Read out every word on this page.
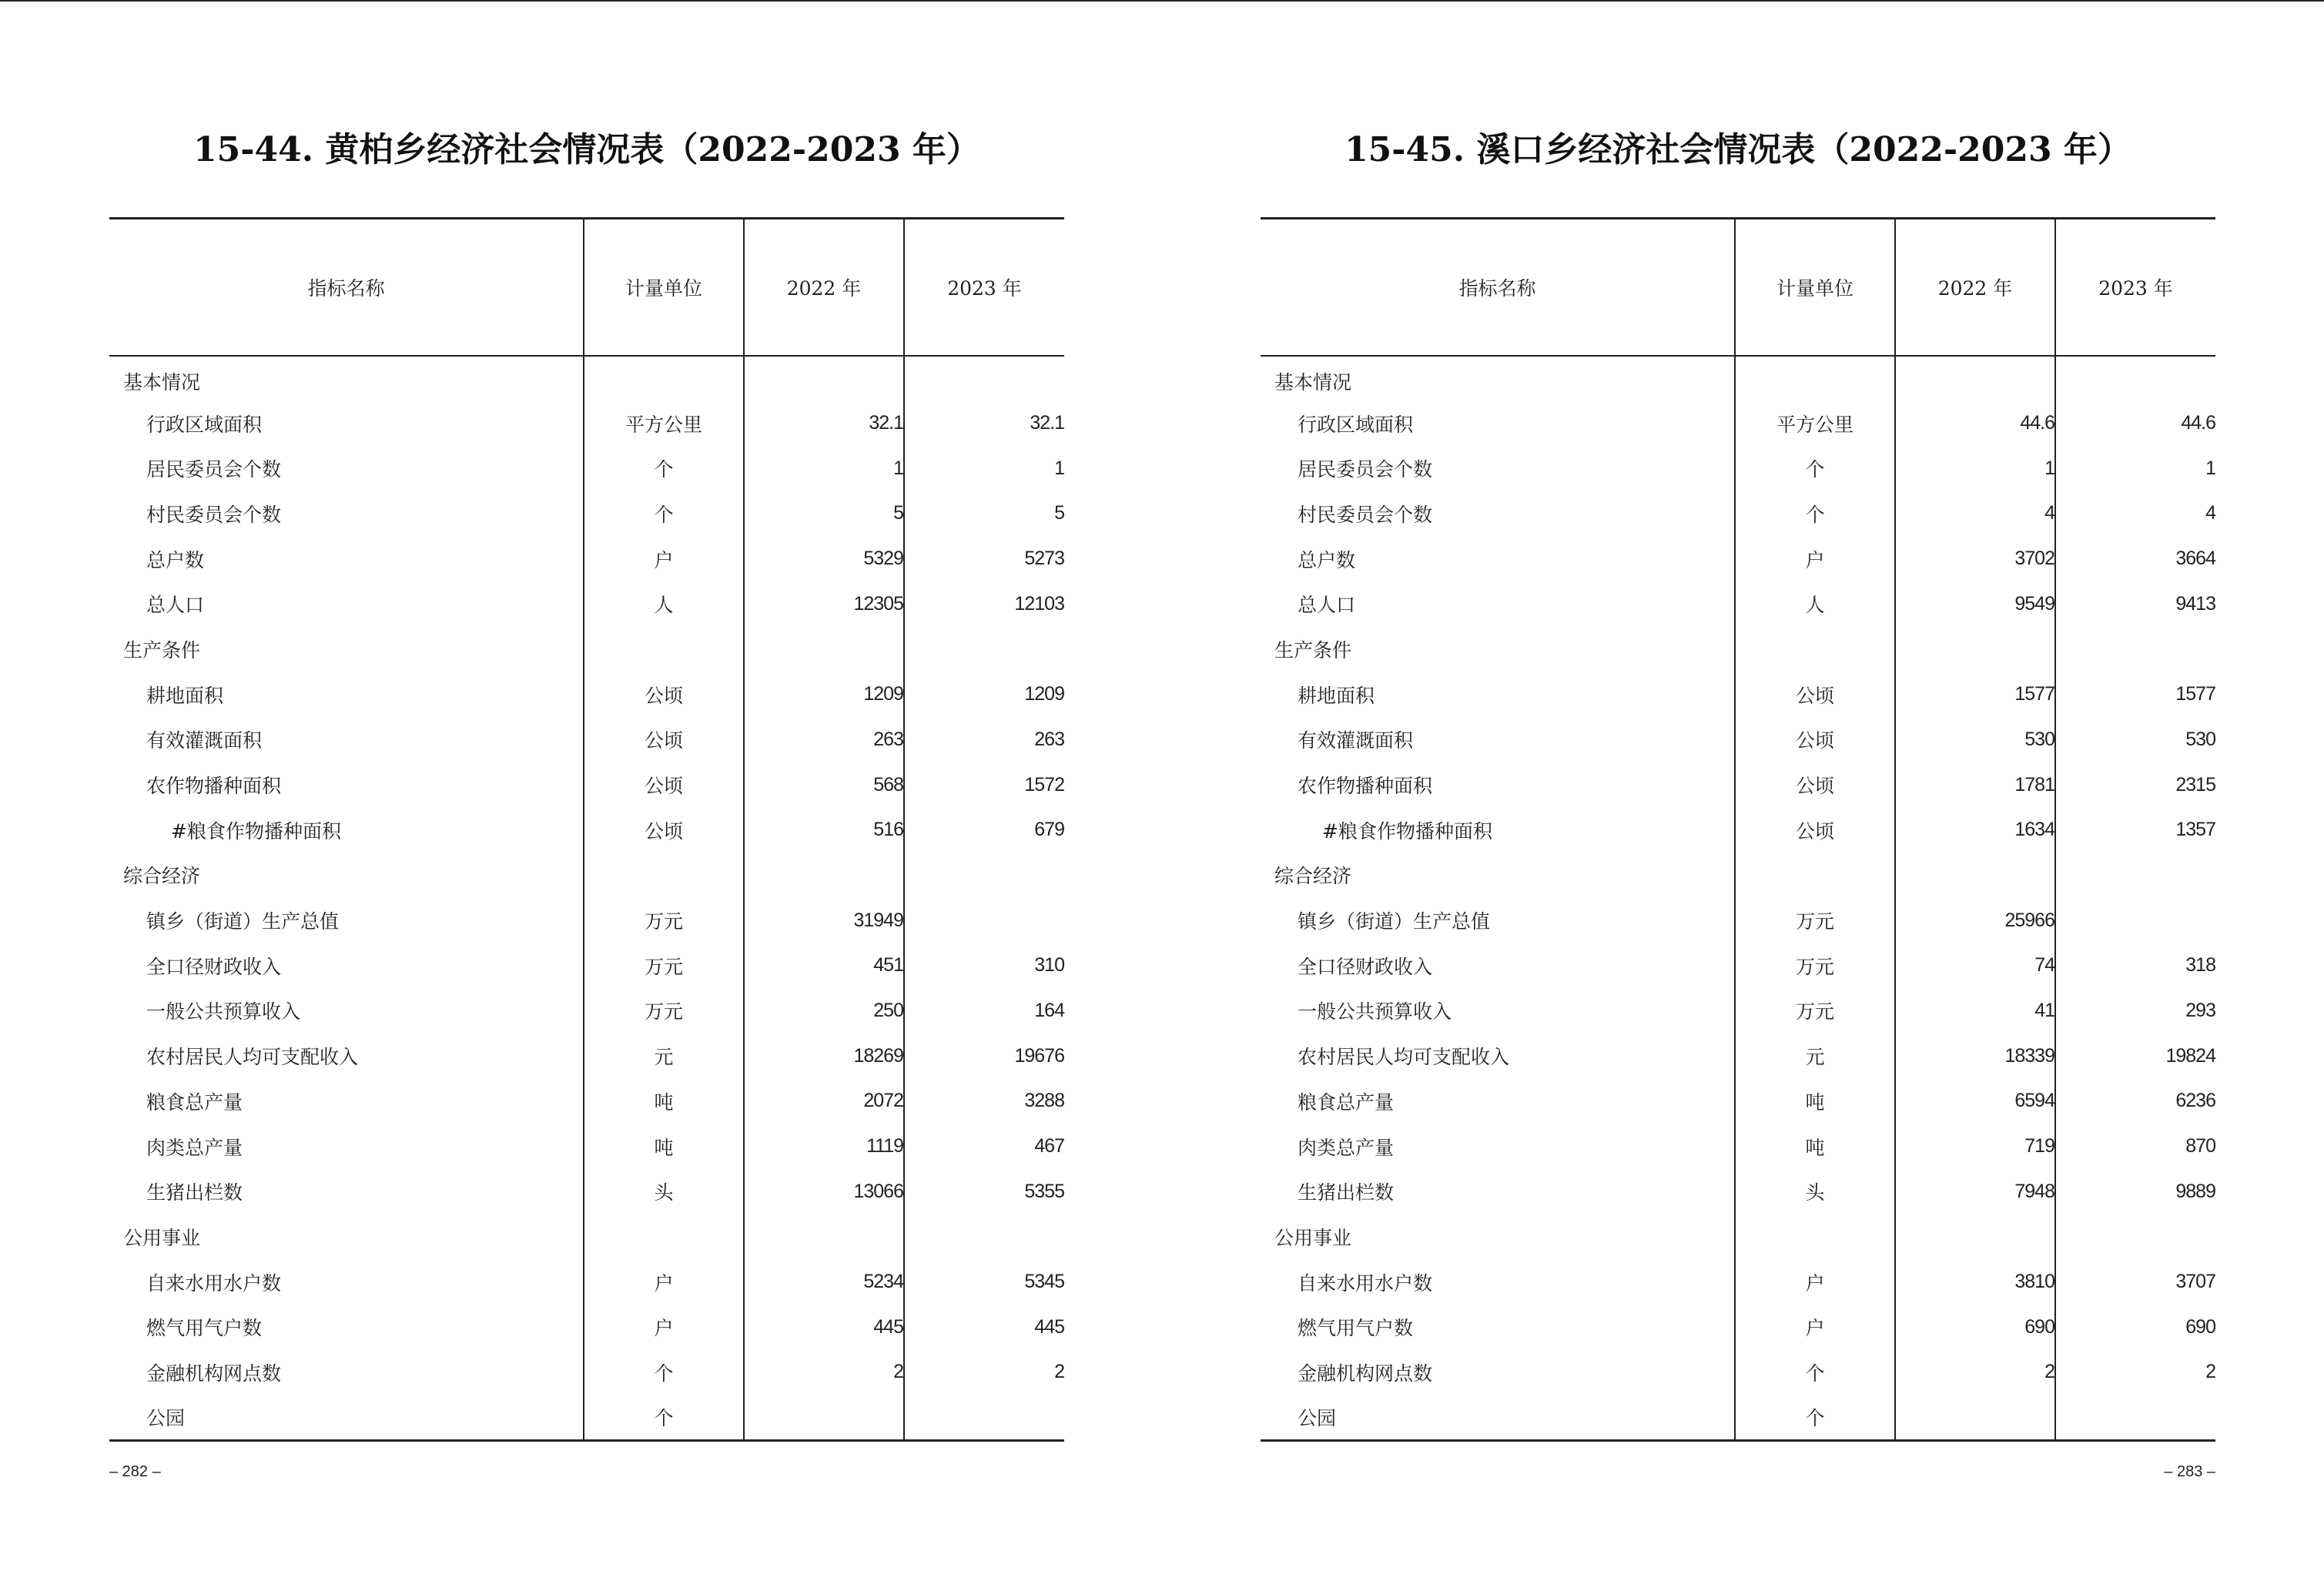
15-44. 黄柏乡经济社会情况表（2022-2023 年）
指标名称	计量单位	2022 年	2023 年
基本情况			
行政区域面积	平方公里	32.1	32.1
居民委员会个数	个	1	1
村民委员会个数	个	5	5
总户数	户	5329	5273
总人口	人	12305	12103
生产条件			
耕地面积	公顷	1209	1209
有效灌溉面积	公顷	263	263
农作物播种面积	公顷	568	1572
#粮食作物播种面积	公顷	516	679
综合经济			
镇乡（街道）生产总值	万元	31949	
全口径财政收入	万元	451	310
一般公共预算收入	万元	250	164
农村居民人均可支配收入	元	18269	19676
粮食总产量	吨	2072	3288
肉类总产量	吨	1119	467
生猪出栏数	头	13066	5355
公用事业			
自来水用水户数	户	5234	5345
燃气用气户数	户	445	445
金融机构网点数	个	2	2
公园	个		
– 282 –
15-45. 溪口乡经济社会情况表（2022-2023 年）
指标名称	计量单位	2022 年	2023 年
基本情况			
行政区域面积	平方公里	44.6	44.6
居民委员会个数	个	1	1
村民委员会个数	个	4	4
总户数	户	3702	3664
总人口	人	9549	9413
生产条件			
耕地面积	公顷	1577	1577
有效灌溉面积	公顷	530	530
农作物播种面积	公顷	1781	2315
#粮食作物播种面积	公顷	1634	1357
综合经济			
镇乡（街道）生产总值	万元	25966	
全口径财政收入	万元	74	318
一般公共预算收入	万元	41	293
农村居民人均可支配收入	元	18339	19824
粮食总产量	吨	6594	6236
肉类总产量	吨	719	870
生猪出栏数	头	7948	9889
公用事业			
自来水用水户数	户	3810	3707
燃气用气户数	户	690	690
金融机构网点数	个	2	2
公园	个		
– 283 –
